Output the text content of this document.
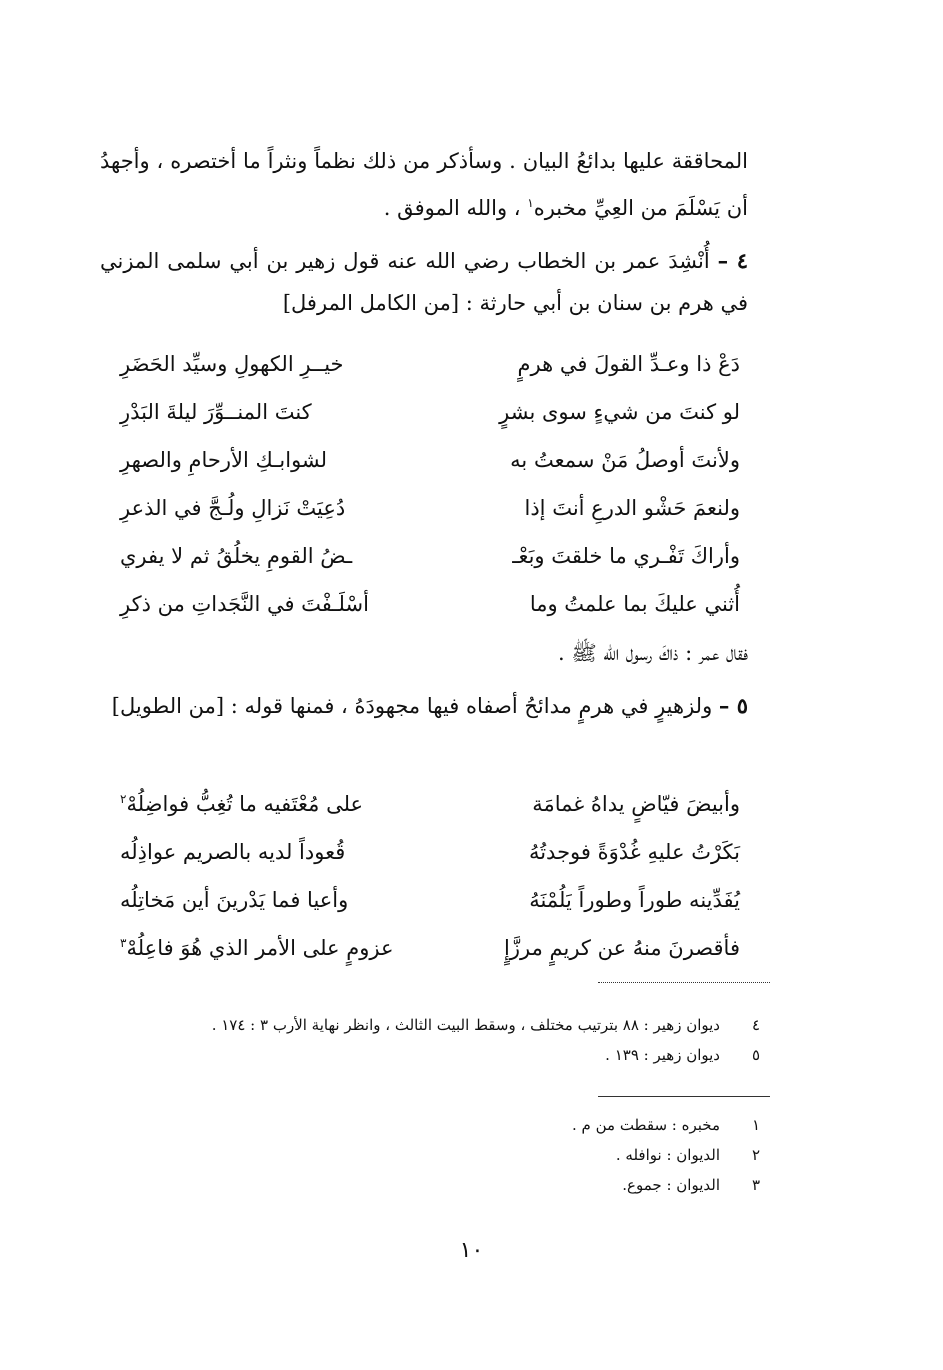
المحاققة عليها بدائعُ البيان . وسأذكر من ذلك نظماً ونثراً ما أختصره ، وأجهدُ أن يَسْلَمَ من العِيِّ مخبره$^١$ ، والله الموفق .

٤ – أُنْشِدَ عمر بن الخطاب رضي الله عنه قول زهير بن أبي سلمى المزني في هرم بن سنان بن أبي حارثة : [من الكامل المرفل]

دَعْ ذا وعـدِّ القولَ في هرمٍ
خيــرِ الكهولِ وسيِّد الحَضَرِ
لو كنتَ من شيءٍ سوى بشرٍ
كنتَ المنــوِّرَ ليلةَ البَدْرِ
ولأنتَ أوصلُ مَنْ سمعتُ به
لشوابـكِ الأرحامِ والصهرِ
ولنعمَ حَشْو الدرعِ أنتَ إذا
دُعِيَتْ نَزالِ ولُـجَّ في الذعرِ
وأراكَ تَفْـري ما خلقتَ وبَعْـ
ـضُ القومِ يخلُقُ ثم لا يفري
أُثني عليكَ بما علمتُ وما
أسْلَـفْتَ في النَّجَداتِ من ذكرِ

فقال عمر : ذاكَ رسول الله ﷺ .

٥ – ولزهيرٍ في هرمٍ مدائحُ أصفاه فيها مجهودَهُ ، فمنها قوله : [من الطويل]

وأبيضَ فيّاضٍ يداهُ غمامَة
على مُعْتَفيه ما تُغِبُّ فواضِلُهْ$^٢$
بَكَرْتُ عليهِ غُدْوَةً فوجدتُهُ
قُعوداً لديه بالصريم عواذِلُه
يُفَدِّينه طوراً وطوراً يَلُمْنَهُ
وأعيا فما يَدْرينَ أين مَخاتِلُه
فأقصرنَ منهُ عن كريمٍ مرزَّإٍ
عزومٍ على الأمر الذي هُوَ فاعِلُهْ$^٣$
٤
ديوان زهير : ٨٨ بترتيب مختلف ، وسقط البيت الثالث ، وانظر نهاية الأرب ٣ : ١٧٤ .
٥
ديوان زهير : ١٣٩ .
١
مخبره : سقطت من م .
٢
الديوان : نوافله .
٣
الديوان : جموع.
١٠
